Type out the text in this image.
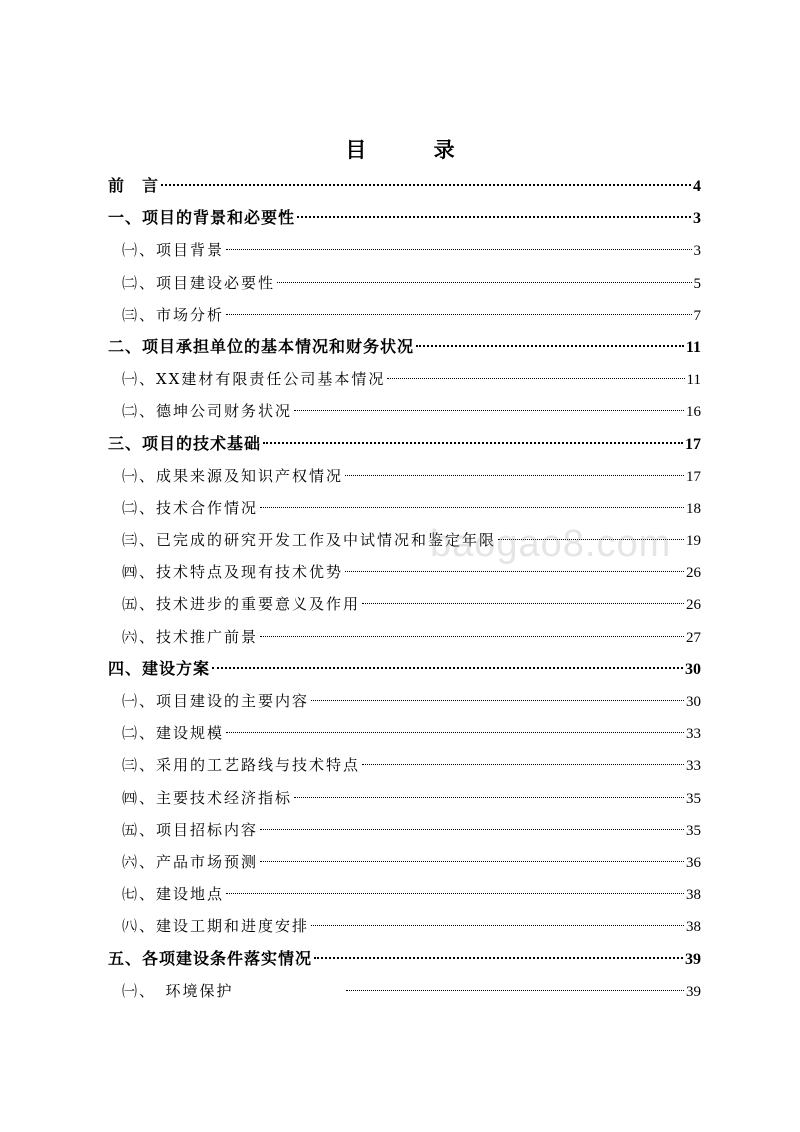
目 录
前　言	4
一、项目的背景和必要性	3
㈠、项目背景	3
㈡、项目建设必要性	5
㈢、市场分析	7
二、项目承担单位的基本情况和财务状况	11
㈠、XX建材有限责任公司基本情况	11
㈡、德坤公司财务状况	16
三、项目的技术基础	17
㈠、成果来源及知识产权情况	17
㈡、技术合作情况	18
㈢、已完成的研究开发工作及中试情况和鉴定年限	19
㈣、技术特点及现有技术优势	26
㈤、技术进步的重要意义及作用	26
㈥、技术推广前景	27
四、建设方案	30
㈠、项目建设的主要内容	30
㈡、建设规模	33
㈢、采用的工艺路线与技术特点	33
㈣、主要技术经济指标	35
㈤、项目招标内容	35
㈥、产品市场预测	36
㈦、建设地点	38
㈧、建设工期和进度安排	38
五、各项建设条件落实情况	39
㈠、　环境保护	39
baogao8.com
